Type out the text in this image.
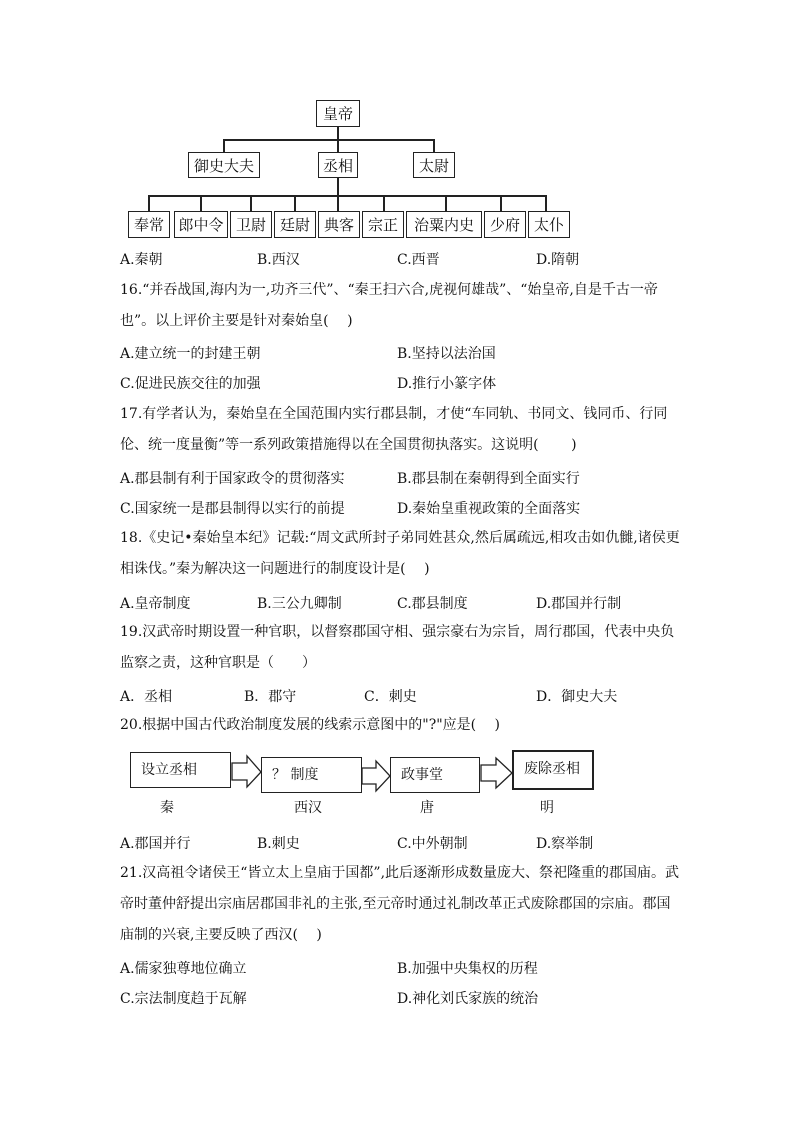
皇帝
御史大夫	丞相	太尉
奉常 郎中令 卫尉 廷尉 典客 宗正	治粟内史	少府 太仆
A.秦朝	B.西汉	C.西晋	D.隋朝
16.“并吞战国,海内为一,功齐三代”、“秦王扫六合,虎视何雄哉”、“始皇帝,自是千古一帝也”。以上评价主要是针对秦始皇(　 )
A.建立统一的封建王朝	B.坚持以法治国
C.促进民族交往的加强	D.推行小篆字体
17.有学者认为，秦始皇在全国范围内实行郡县制，才使“车同轨、书同文、钱同币、行同伦、统一度量衡”等一系列政策措施得以在全国贯彻执落实。这说明(　　 )
A.郡县制有利于国家政令的贯彻落实	B.郡县制在秦朝得到全面实行
C.国家统一是郡县制得以实行的前提	D.秦始皇重视政策的全面落实
18.《史记•秦始皇本纪》记载:“周文武所封子弟同姓甚众,然后属疏远,相攻击如仇雠,诸侯更相诛伐。”秦为解决这一问题进行的制度设计是(　 )
A.皇帝制度	B.三公九卿制	C.郡县制度	D.郡国并行制
19.汉武帝时期设置一种官职，以督察郡国守相、强宗豪右为宗旨，周行郡国，代表中央负监察之责，这种官职是（　　）
A．丞相	B．郡守	C．刺史	D．御史大夫
20.根据中国古代政治制度发展的线索示意图中的"?"应是(　 )
设立丞相	？ 制度	政事堂	废除丞相
秦	西汉	唐	明
A.郡国并行	B.刺史	C.中外朝制	D.察举制
21.汉高祖令诸侯王“皆立太上皇庙于国都”,此后逐渐形成数量庞大、祭祀隆重的郡国庙。武帝时董仲舒提出宗庙居郡国非礼的主张,至元帝时通过礼制改革正式废除郡国的宗庙。郡国庙制的兴衰,主要反映了西汉(　 )
A.儒家独尊地位确立	B.加强中央集权的历程
C.宗法制度趋于瓦解	D.神化刘氏家族的统治
